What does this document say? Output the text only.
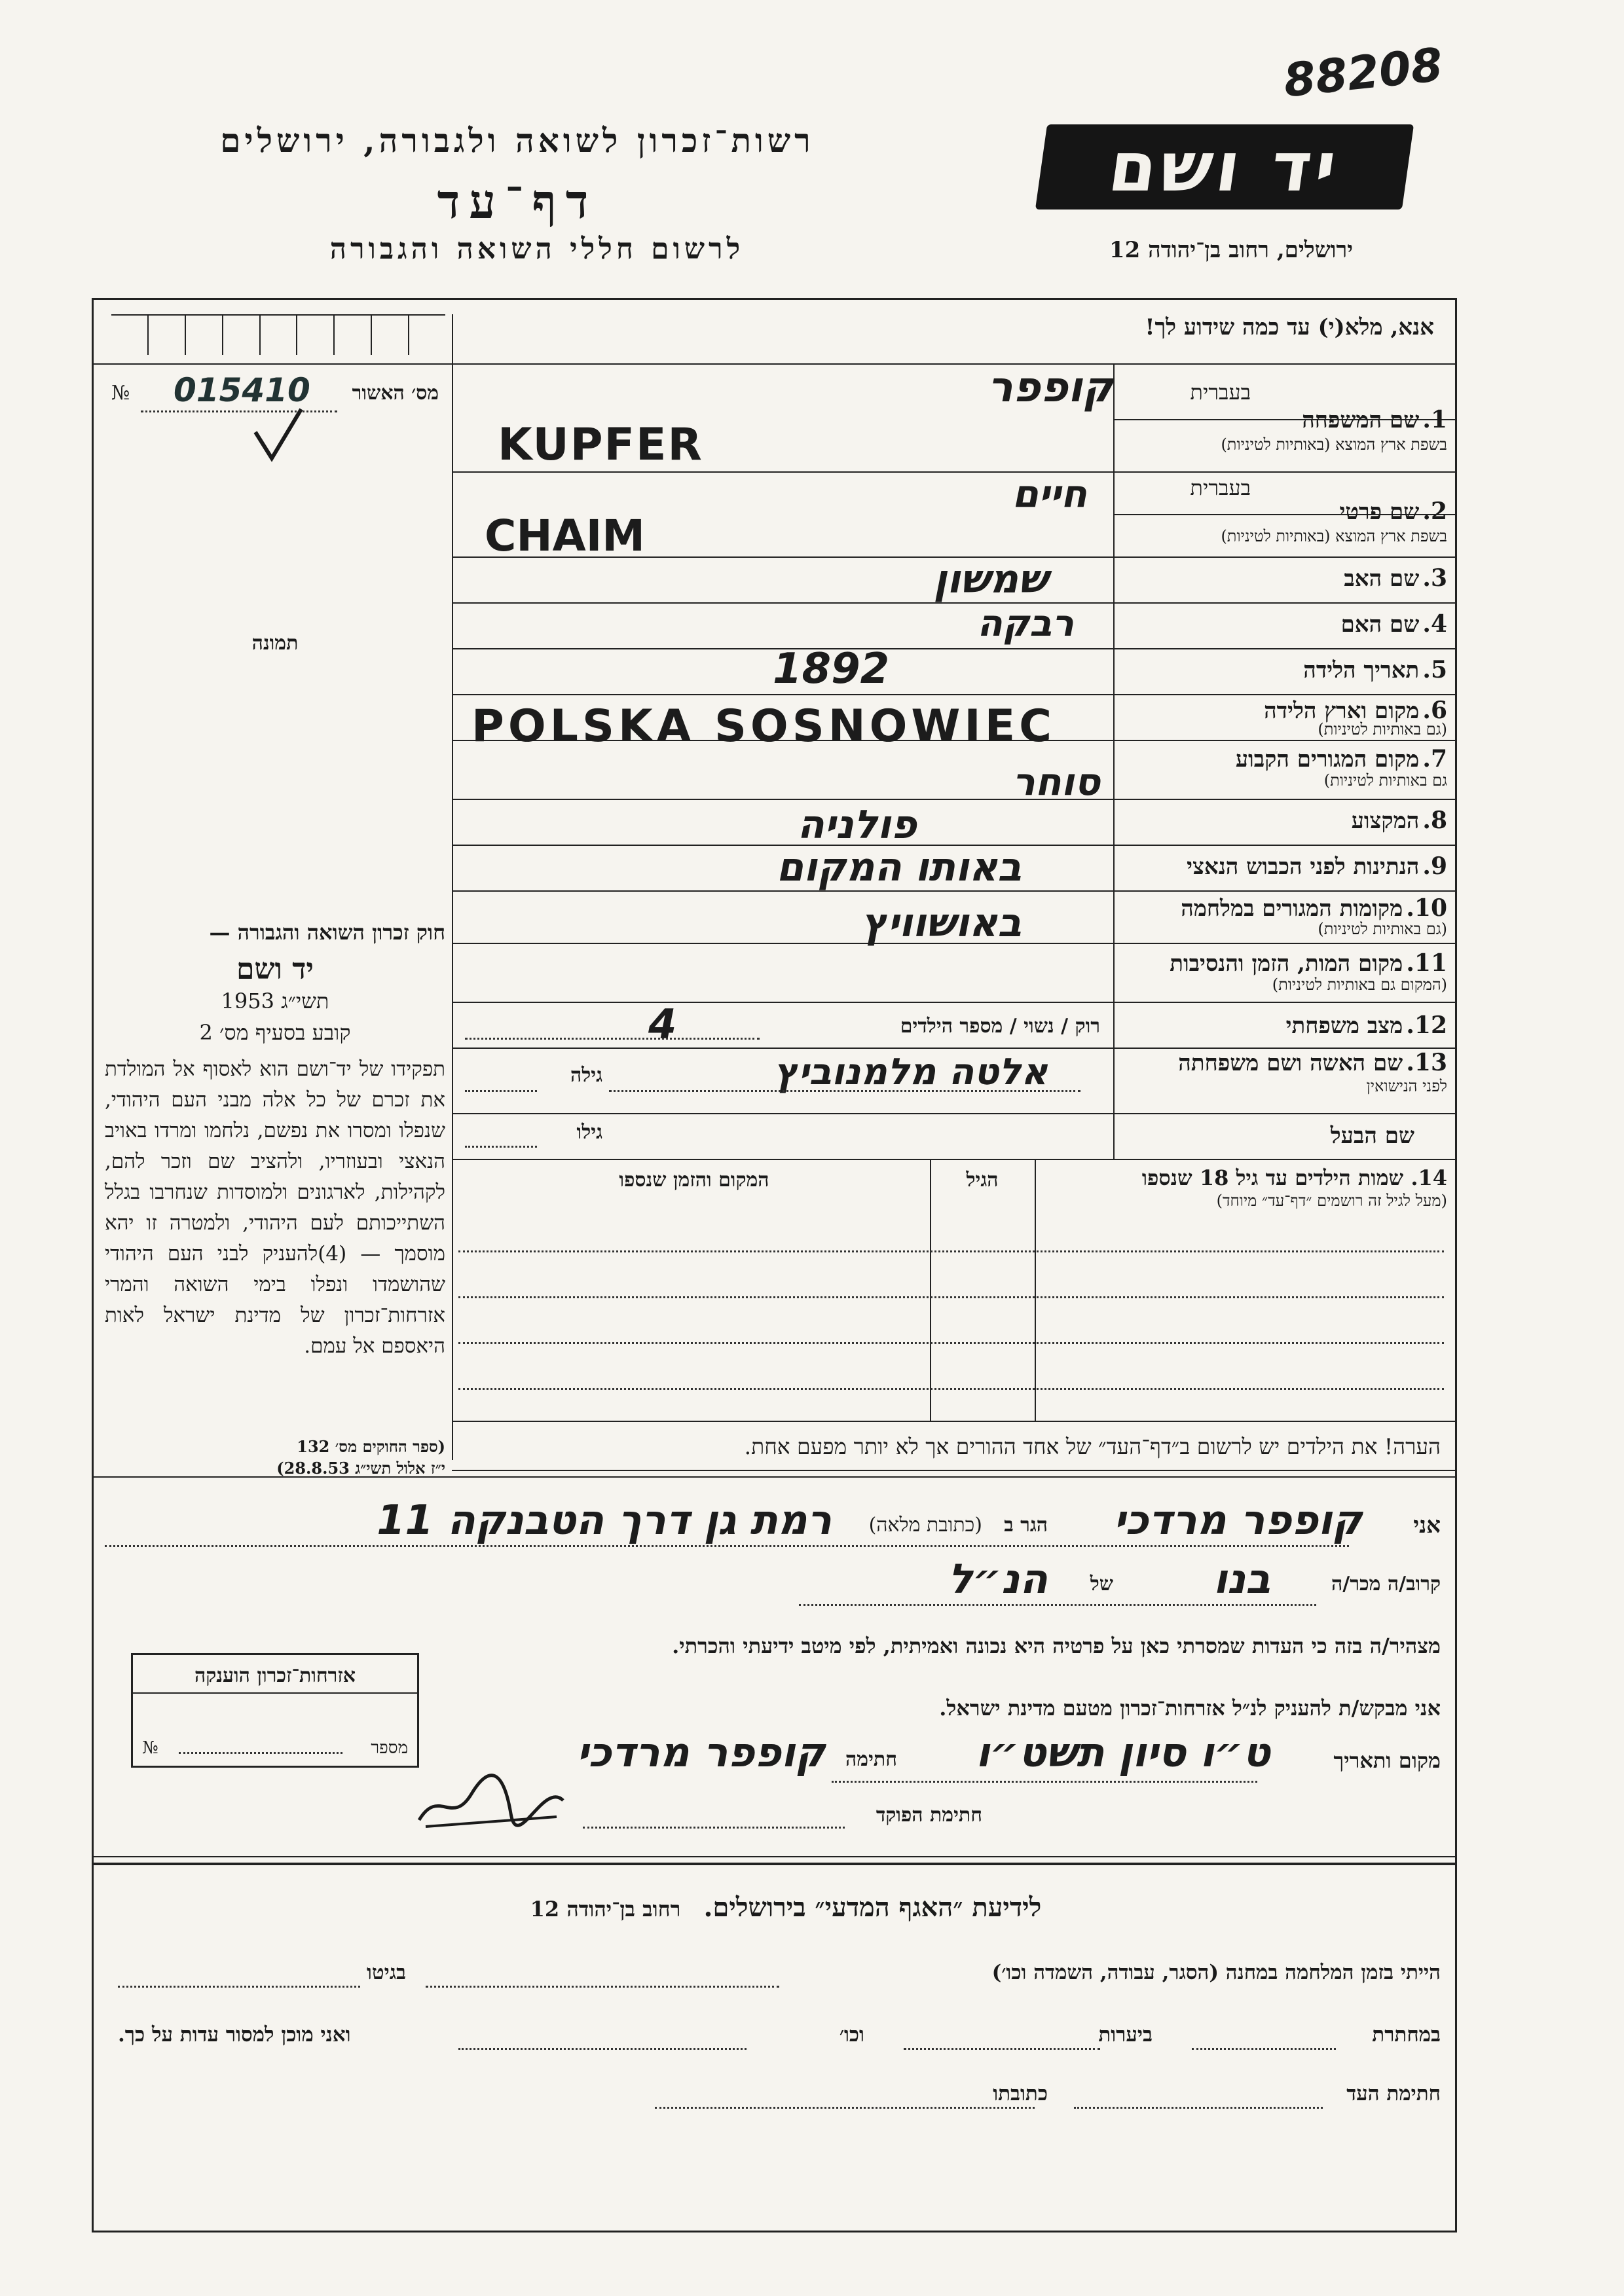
88208
רשות־זכרון לשואה ולגבורה, ירושלים
דף־עד
לרשום חללי השואה והגבורה
יד ושם
ירושלים, רחוב בן־יהודה 12
אנא, מלא(י) עד כמה שידוע לך!
№ 015410 מס׳ האשור
תמונה
חוק זכרון השואה והגבורה —
יד ושם
תשי״ג 1953
קובע בסעיף מס׳ 2
תפקידו של יד־ושם הוא לאסוף אל המולדת את זכרם של כל אלה מבני העם היהודי, שנפלו ומסרו את נפשם, נלחמו ומרדו באויב הנאצי ובעוזריו, ולהציב שם וזכר להם, לקהילות, לארגונים ולמוסדות שנחרבו בגלל השתייכותם לעם היהודי, ולמטרה זו יהא מוסמך — (4)להעניק לבני העם היהודי שהושמדו ונפלו בימי השואה והמרי אזרחות־זכרון של מדינת ישראל לאות היאספם אל עמם.
(ספר החוקים מס׳ 132
י״ז אלול תשי״ג 28.8.53)
בעברית
1. שם המשפחה
בשפת ארץ המוצא (באותיות לטיניות)
קופפר
KUPFER
בעברית
2. שם פרטי
בשפת ארץ המוצא (באותיות לטיניות)
חיים
CHAIM
3. שם האב
שמשון
4. שם האם
רבקה
5. תאריך הלידה
1892
6. מקום וארץ הלידה
(גם באותיות לטיניות)
POLSKA SOSNOWIEC
7. מקום המגורים הקבוע
גם באותיות לטיניות)
סוחר
8. המקצוע
פולניה
9. הנתינות לפני הכבוש הנאצי
באותו המקום
10. מקומות המגורים במלחמה
(גם באותיות לטיניות)
באושוויץ
11. מקום המות, הזמן והנסיבות
(המקום גם באותיות לטיניות)
12. מצב משפחתי
רוק / נשוי / מספר הילדים
4
13. שם האשה ושם משפחתה
לפני הנישואין
גילה	אלטה מלמנוביץ
שם הבעל
גילו
14. שמות הילדים עד גיל 18 שנספו
(מעל לגיל זה רושמים ״דף־עד״ מיוחד)
הגיל
המקום והזמן שנספו
הערה! את הילדים יש לרשום ב״דף־העד״ של אחד ההורים אך לא יותר מפעם אחת.
אני
קופפר מרדכי
הגר ב
(כתובת מלאה)
רמת גן דרך הטבנקה 11
קרוב/ה מכר/ה
בנו
של
הנ״ל
מצהיר/ה בזה כי העדות שמסרתי כאן על פרטיה היא נכונה ואמיתית, לפי מיטב ידיעתי והכרתי.
אזרחות־זכרון הוענקה
№	מספר
אני מבקש/ת להעניק לנ״ל אזרחות־זכרון מטעם מדינת ישראל.
מקום ותאריך
ט״ו סיון תשט״ו
חתימה
קופפר מרדכי
חתימת הפוקד
לידיעת ״האגף המדעי״ בירושלים. רחוב בן־יהודה 12
הייתי בזמן המלחמה במחנה (הסגר, עבודה, השמדה וכו׳)
בגיטו
במחתרת
ביערות
וכו׳
ואני מוכן למסור עדות על כך.
חתימת העד
כתובתו
